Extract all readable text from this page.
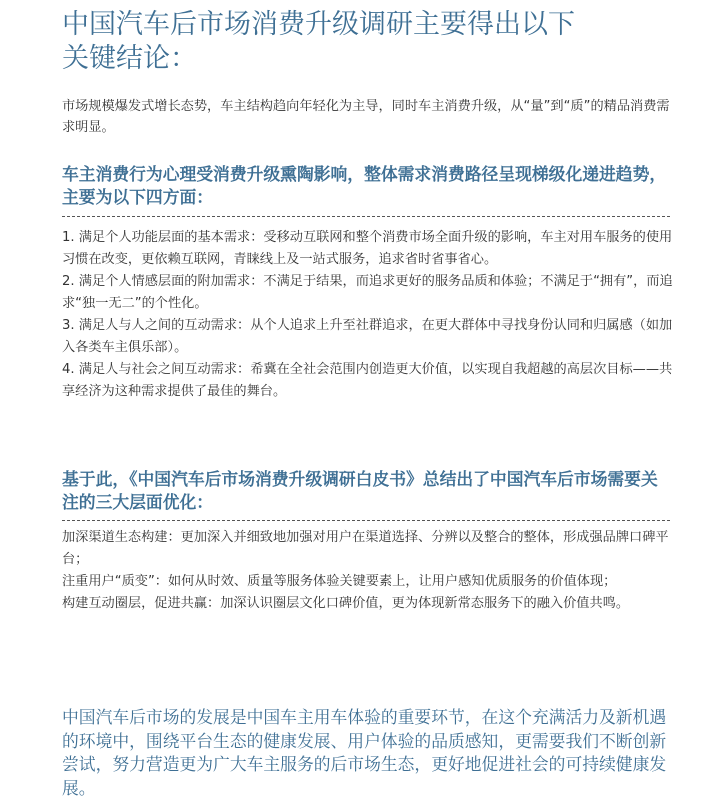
中国汽车后市场消费升级调研主要得出以下
关键结论：

市场规模爆发式增长态势，车主结构趋向年轻化为主导，同时车主消费升级，从“量”到“质”的精品消费需求明显。

车主消费行为心理受消费升级熏陶影响，整体需求消费路径呈现梯级化递进趋势，主要为以下四方面：
1. 满足个人功能层面的基本需求：受移动互联网和整个消费市场全面升级的影响，车主对用车服务的使用习惯在改变，更依赖互联网，青睐线上及一站式服务，追求省时省事省心。
2. 满足个人情感层面的附加需求：不满足于结果，而追求更好的服务品质和体验；不满足于“拥有”，而追求“独一无二”的个性化。
3. 满足人与人之间的互动需求：从个人追求上升至社群追求，在更大群体中寻找身份认同和归属感（如加入各类车主俱乐部）。
4. 满足人与社会之间互动需求：希冀在全社会范围内创造更大价值，以实现自我超越的高层次目标——共享经济为这种需求提供了最佳的舞台。
基于此，《中国汽车后市场消费升级调研白皮书》总结出了中国汽车后市场需要关注的三大层面优化：
加深渠道生态构建：更加深入并细致地加强对用户在渠道选择、分辨以及整合的整体，形成强品牌口碑平台；
注重用户“质变”：如何从时效、质量等服务体验关键要素上，让用户感知优质服务的价值体现；
构建互动圈层，促进共赢：加深认识圈层文化口碑价值，更为体现新常态服务下的融入价值共鸣。

中国汽车后市场的发展是中国车主用车体验的重要环节，在这个充满活力及新机遇的环境中，围绕平台生态的健康发展、用户体验的品质感知，更需要我们不断创新尝试，努力营造更为广大车主服务的后市场生态，更好地促进社会的可持续健康发展。
